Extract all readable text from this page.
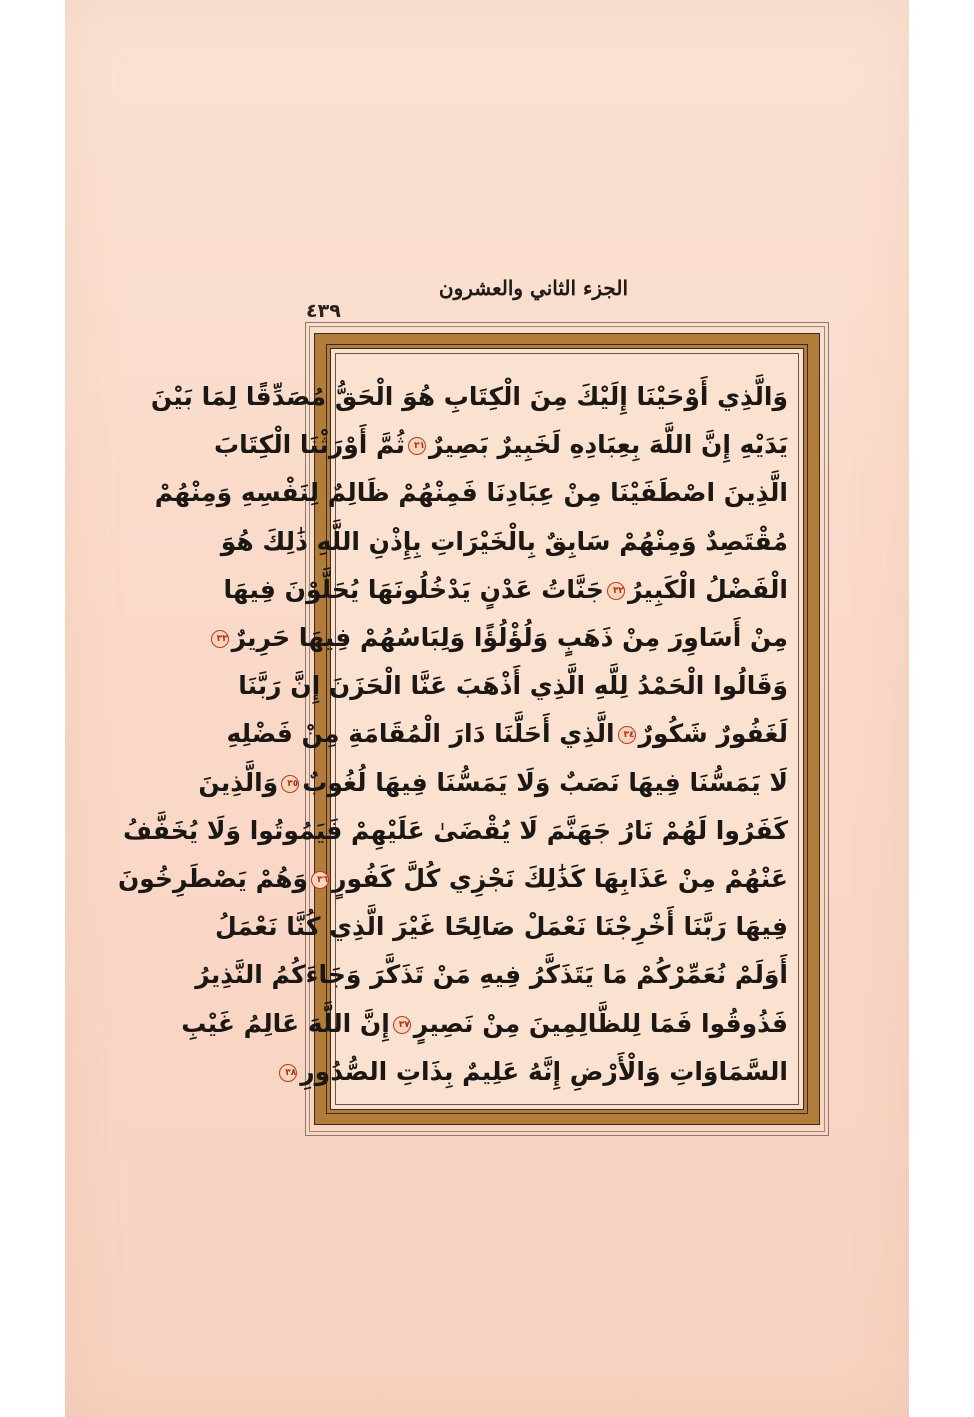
الجزء الثاني والعشرون
٤٣٩
وَالَّذِي أَوْحَيْنَا إِلَيْكَ مِنَ الْكِتَابِ هُوَ الْحَقُّ مُصَدِّقًا لِمَا بَيْنَ
يَدَيْهِ إِنَّ اللَّهَ بِعِبَادِهِ لَخَبِيرٌ بَصِيرٌ٣١ثُمَّ أَوْرَثْنَا الْكِتَابَ
الَّذِينَ اصْطَفَيْنَا مِنْ عِبَادِنَا فَمِنْهُمْ ظَالِمٌ لِنَفْسِهِ وَمِنْهُمْ
مُقْتَصِدٌ وَمِنْهُمْ سَابِقٌ بِالْخَيْرَاتِ بِإِذْنِ اللَّهِ ذَٰلِكَ هُوَ
الْفَضْلُ الْكَبِيرُ٣٢جَنَّاتُ عَدْنٍ يَدْخُلُونَهَا يُحَلَّوْنَ فِيهَا
مِنْ أَسَاوِرَ مِنْ ذَهَبٍ وَلُؤْلُؤًا وَلِبَاسُهُمْ فِيهَا حَرِيرٌ٣٣
وَقَالُوا الْحَمْدُ لِلَّهِ الَّذِي أَذْهَبَ عَنَّا الْحَزَنَ إِنَّ رَبَّنَا
لَغَفُورٌ شَكُورٌ٣٤الَّذِي أَحَلَّنَا دَارَ الْمُقَامَةِ مِنْ فَضْلِهِ
لَا يَمَسُّنَا فِيهَا نَصَبٌ وَلَا يَمَسُّنَا فِيهَا لُغُوبٌ٣٥وَالَّذِينَ
كَفَرُوا لَهُمْ نَارُ جَهَنَّمَ لَا يُقْضَىٰ عَلَيْهِمْ فَيَمُوتُوا وَلَا يُخَفَّفُ
عَنْهُمْ مِنْ عَذَابِهَا كَذَٰلِكَ نَجْزِي كُلَّ كَفُورٍ٣٦وَهُمْ يَصْطَرِخُونَ
فِيهَا رَبَّنَا أَخْرِجْنَا نَعْمَلْ صَالِحًا غَيْرَ الَّذِي كُنَّا نَعْمَلُ
أَوَلَمْ نُعَمِّرْكُمْ مَا يَتَذَكَّرُ فِيهِ مَنْ تَذَكَّرَ وَجَاءَكُمُ النَّذِيرُ
فَذُوقُوا فَمَا لِلظَّالِمِينَ مِنْ نَصِيرٍ٣٧إِنَّ اللَّهَ عَالِمُ غَيْبِ
السَّمَاوَاتِ وَالْأَرْضِ إِنَّهُ عَلِيمٌ بِذَاتِ الصُّدُورِ٣٨
